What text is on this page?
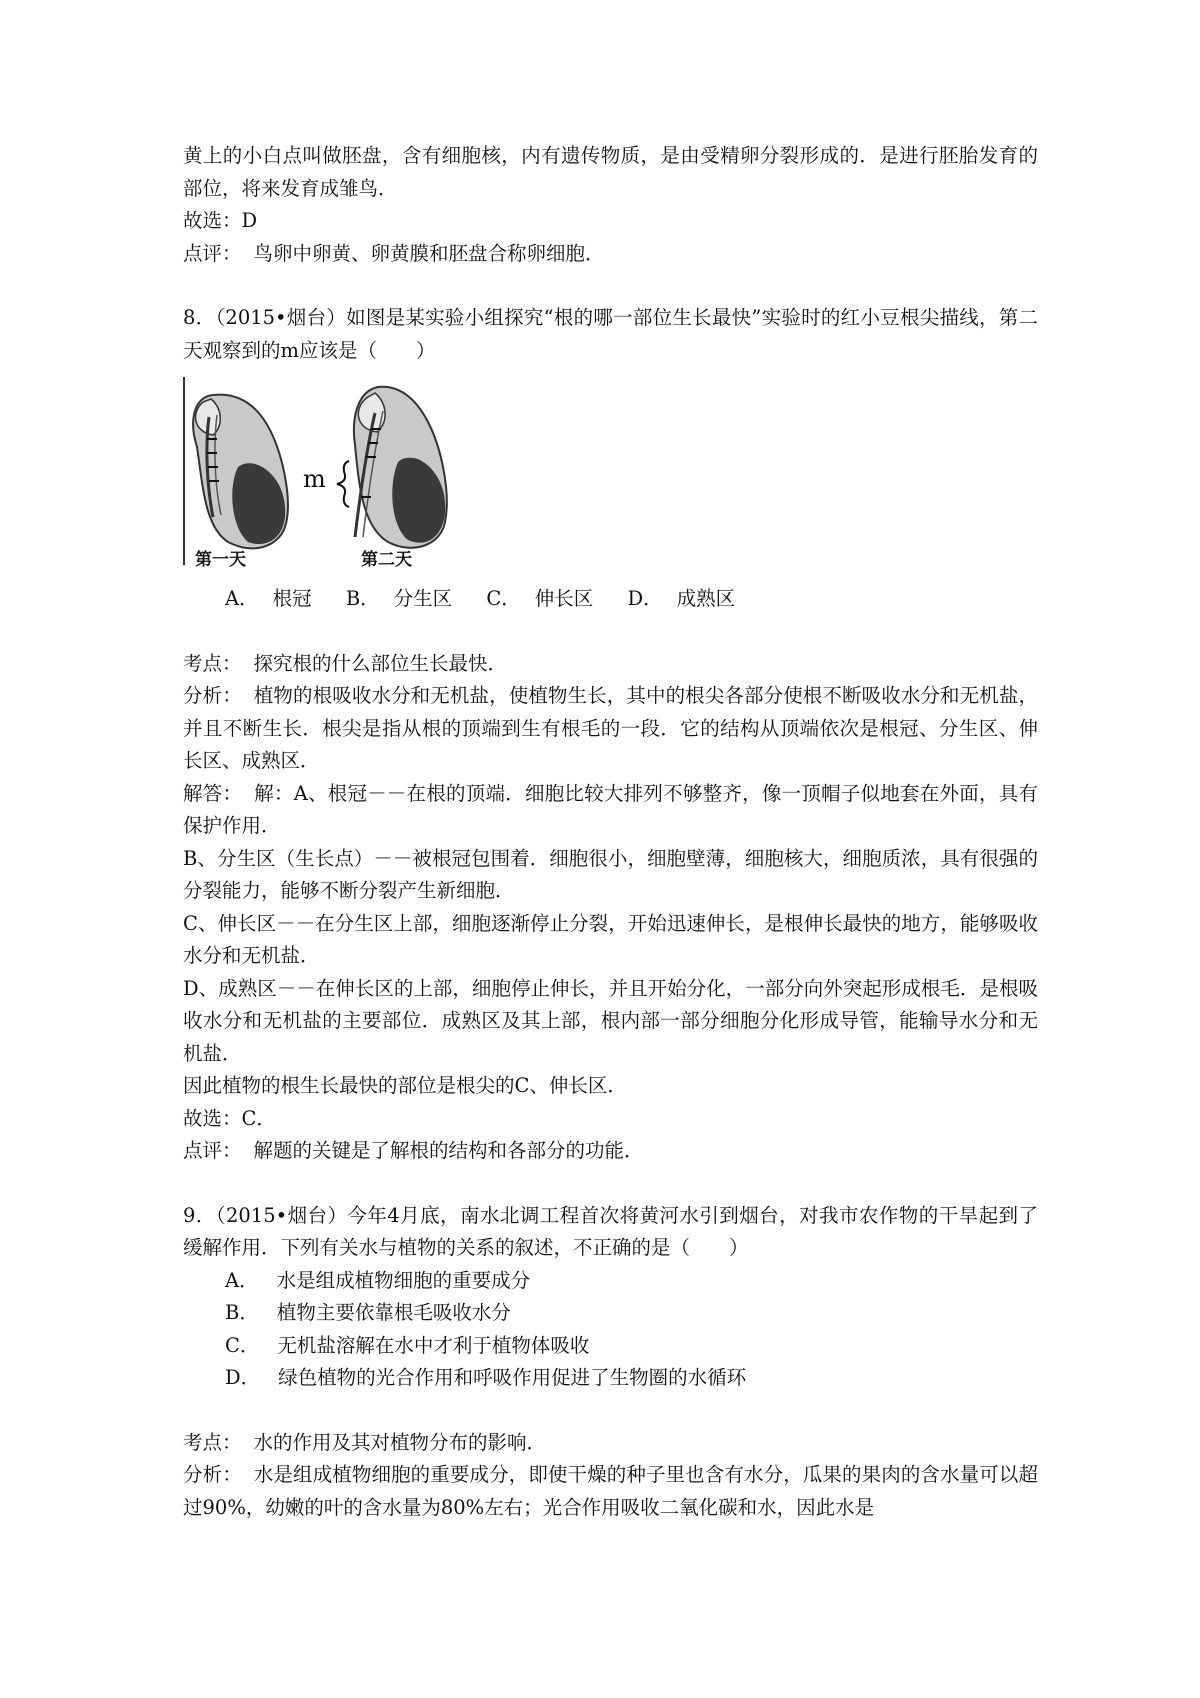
黄上的小白点叫做胚盘，含有细胞核，内有遗传物质，是由受精卵分裂形成的．是进行胚胎发育的部位，将来发育成雏鸟．

故选：D

点评： 鸟卵中卵黄、卵黄膜和胚盘合称卵细胞．

8．（2015•烟台）如图是某实验小组探究“根的哪一部位生长最快”实验时的红小豆根尖描线，第二天观察到的m应该是（　　）

m
第一天	第二天

A． 根冠 B． 分生区 C． 伸长区 D． 成熟区

考点： 探究根的什么部位生长最快．

分析： 植物的根吸收水分和无机盐，使植物生长，其中的根尖各部分使根不断吸收水分和无机盐，并且不断生长．根尖是指从根的顶端到生有根毛的一段．它的结构从顶端依次是根冠、分生区、伸长区、成熟区．

解答： 解：A、根冠－－在根的顶端．细胞比较大排列不够整齐，像一顶帽子似地套在外面，具有保护作用．

B、分生区（生长点）－－被根冠包围着．细胞很小，细胞壁薄，细胞核大，细胞质浓，具有很强的分裂能力，能够不断分裂产生新细胞．

C、伸长区－－在分生区上部，细胞逐渐停止分裂，开始迅速伸长，是根伸长最快的地方，能够吸收水分和无机盐．

D、成熟区－－在伸长区的上部，细胞停止伸长，并且开始分化，一部分向外突起形成根毛．是根吸收水分和无机盐的主要部位．成熟区及其上部，根内部一部分细胞分化形成导管，能输导水分和无机盐．

因此植物的根生长最快的部位是根尖的C、伸长区．

故选：C．

点评： 解题的关键是了解根的结构和各部分的功能．

9．（2015•烟台）今年4月底，南水北调工程首次将黄河水引到烟台，对我市农作物的干旱起到了缓解作用．下列有关水与植物的关系的叙述，不正确的是（　　）

A． 水是组成植物细胞的重要成分

B． 植物主要依靠根毛吸收水分

C． 无机盐溶解在水中才利于植物体吸收

D． 绿色植物的光合作用和呼吸作用促进了生物圈的水循环

考点： 水的作用及其对植物分布的影响．

分析： 水是组成植物细胞的重要成分，即使干燥的种子里也含有水分，瓜果的果肉的含水量可以超过90%，幼嫩的叶的含水量为80%左右；光合作用吸收二氧化碳和水，因此水是
